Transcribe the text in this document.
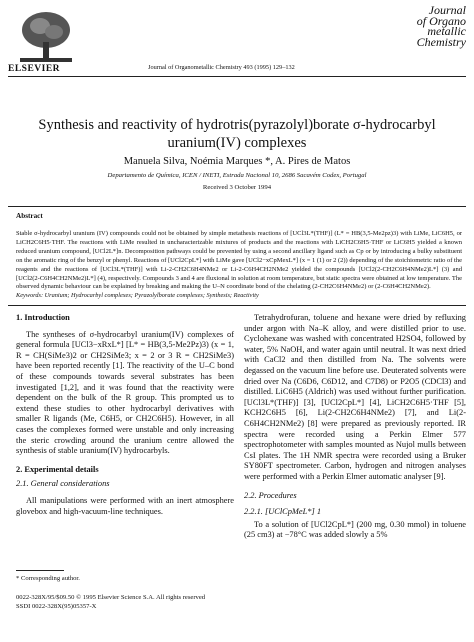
ELSEVIER	Journal of Organometallic Chemistry 493 (1995) 129–132
Journal
of Organo
metallic
Chemistry
Synthesis and reactivity of hydrotris(pyrazolyl)borate σ-hydrocarbyl
uranium(IV) complexes
Manuela Silva, Noémia Marques *, A. Pires de Matos
Departamento de Química, ICEN / INETI, Estrada Nacional 10, 2686 Sacavém Codex, Portugal
Received 3 October 1994
Abstract
Stable σ-hydrocarbyl uranium (IV) compounds could not be obtained by simple metathesis reactions of [UCl3L*(THF)] (L* = HB(3,5-Me2pz)3) with LiMe, LiC6H5, or LiCH2C6H5·THF. The reactions with LiMe resulted in uncharacterizable mixtures of products and the reactions with LiCH2C6H5·THF or LiC6H5 yielded a known reduced uranium compound, [UCl2L*]n. Decomposition pathways could be prevented by using a second ancillary ligand such as Cp or by introducing a bulky substituent on the aromatic ring of the benzyl or phenyl. Reactions of [UCl2CpL*] with LiMe gave [UCl2−xCpMexL*] (x = 1 (1) or 2 (2)) depending of the stoichiometric ratio of the reagents and the reactions of [UCl3L*(THF)] with Li-2-CH2C6H4NMe2 or Li-2-C6H4CH2NMe2 yielded the compounds [UCl2(2-CH2C6H4NMe2)L*] (3) and [UCl2(2-C6H4CH2NMe2)L*] (4), respectively. Compounds 3 and 4 are fluxional in solution at room temperature, but static spectra were obtained at low temperature. The observed dynamic behaviour can be explained by breaking and making the U–N coordinate bond of the chelating (2-CH2C6H4NMe2) or (2-C6H4CH2NMe2).
Keywords: Uranium; Hydrocarbyl complexes; Pyrazolylborate complexes; Synthesis; Reactivity

1. Introduction

The syntheses of σ-hydrocarbyl uranium(IV) complexes of general formula [UCl3−xRxL*] [L* = HB(3,5-Me2Pz)3) (x = 1, R = CH(SiMe3)2 or CH2SiMe3; x = 2 or 3 R = CH2SiMe3) have been reported recently [1]. The reactivity of the U–C bond of these compounds towards several substrates has been investigated [1,2], and it was found that the reactivity were dependent on the bulk of the R group. This prompted us to extend these studies to other hydrocarbyl derivatives with smaller R ligands (Me, C6H5, or CH2C6H5). However, in all cases the complexes formed were unstable and only increasing the steric crowding around the uranium centre allowed the synthesis of stable uranium(IV) hydrocarbyls.

2. Experimental details

2.1. General considerations

All manipulations were performed with an inert atmosphere glovebox and high-vacuum-line techniques.

Tetrahydrofuran, toluene and hexane were dried by refluxing under argon with Na–K alloy, and were distilled prior to use. Cyclohexane was washed with concentrated H2SO4, followed by water, 5% NaOH, and water again until neutral. It was next dried with CaCl2 and then distilled from Na. The solvents were degassed on the vacuum line before use. Deuterated solvents were dried over Na (C6D6, C6D12, and C7D8) or P2O5 (CDCl3) and distilled. LiC6H5 (Aldrich) was used without further purification. [UCl3L*(THF)] [3], [UCl2CpL*] [4], LiCH2C6H5·THF [5], KCH2C6H5 [6], Li(2-CH2C6H4NMe2) [7], and Li(2-C6H4CH2NMe2) [8] were prepared as previously reported. IR spectra were recorded using a Perkin Elmer 577 spectrophotometer with samples mounted as Nujol mulls between CsI plates. The 1H NMR spectra were recorded using a Bruker SY80FT spectrometer. Carbon, hydrogen and nitrogen analyses were performed with a Perkin Elmer automatic analyser [9].

2.2. Procedures

2.2.1. [UClCpMeL*] 1

To a solution of [UCl2CpL*] (200 mg, 0.30 mmol) in toluene (25 cm3) at −78°C was added slowly a 5%

* Corresponding author.
0022-328X/95/$09.50 © 1995 Elsevier Science S.A. All rights reserved
SSDI 0022-328X(95)05357-X
